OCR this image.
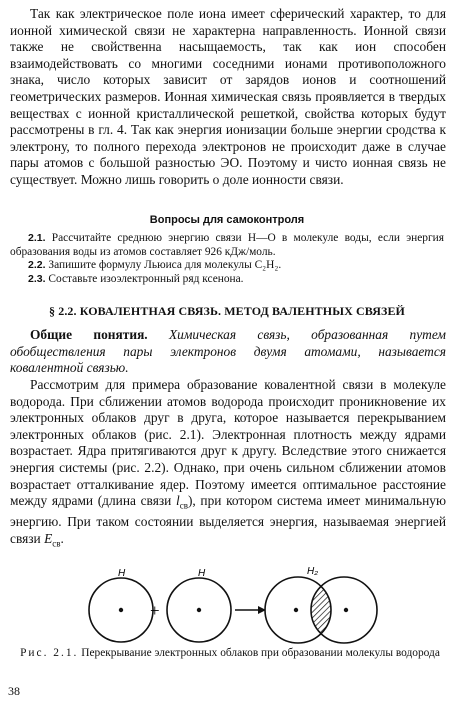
Так как электрическое поле иона имеет сферический характер, то для ионной химической связи не характерна направленность. Ионной связи также не свойственна насыщаемость, так как ион способен взаимодействовать со многими соседними ионами противоположного знака, число которых зависит от зарядов ионов и соотношений геометрических размеров. Ионная химическая связь проявляется в твердых веществах с ионной кристаллической решеткой, свойства которых будут рассмотрены в гл. 4. Так как энергия ионизации больше энергии сродства к электрону, то полного перехода электронов не происходит даже в случае пары атомов с большой разностью ЭО. Поэтому и чисто ионная связь не существует. Можно лишь говорить о доле ионности связи.

Вопросы для самоконтроля

2.1. Рассчитайте среднюю энергию связи Н—О в молекуле воды, если энергия образования воды из атомов составляет 926 кДж/моль.

2.2. Запишите формулу Льюиса для молекулы C₂H₂.

2.3. Составьте изоэлектронный ряд ксенона.

§ 2.2. КОВАЛЕНТНАЯ СВЯЗЬ. МЕТОД ВАЛЕНТНЫХ СВЯЗЕЙ

Общие понятия. Химическая связь, образованная путем обобществления пары электронов двумя атомами, называется ковалентной связью.

Рассмотрим для примера образование ковалентной связи в молекуле водорода. При сближении атомов водорода происходит проникновение их электронных облаков друг в друга, которое называется перекрыванием электронных облаков (рис. 2.1). Электронная плотность между ядрами возрастает. Ядра притягиваются друг к другу. Вследствие этого снижается энергия системы (рис. 2.2). Однако, при очень сильном сближении атомов возрастает отталкивание ядер. Поэтому имеется оптимальное расстояние между ядрами (длина связи $l_{св}$), при котором система имеет минимальную энергию. При таком состоянии выделяется энергия, называемая энергией связи $E_{св}$.

H
+
H	H₂
Рис. 2.1. Перекрывание электронных облаков при образовании молекулы водорода
38
